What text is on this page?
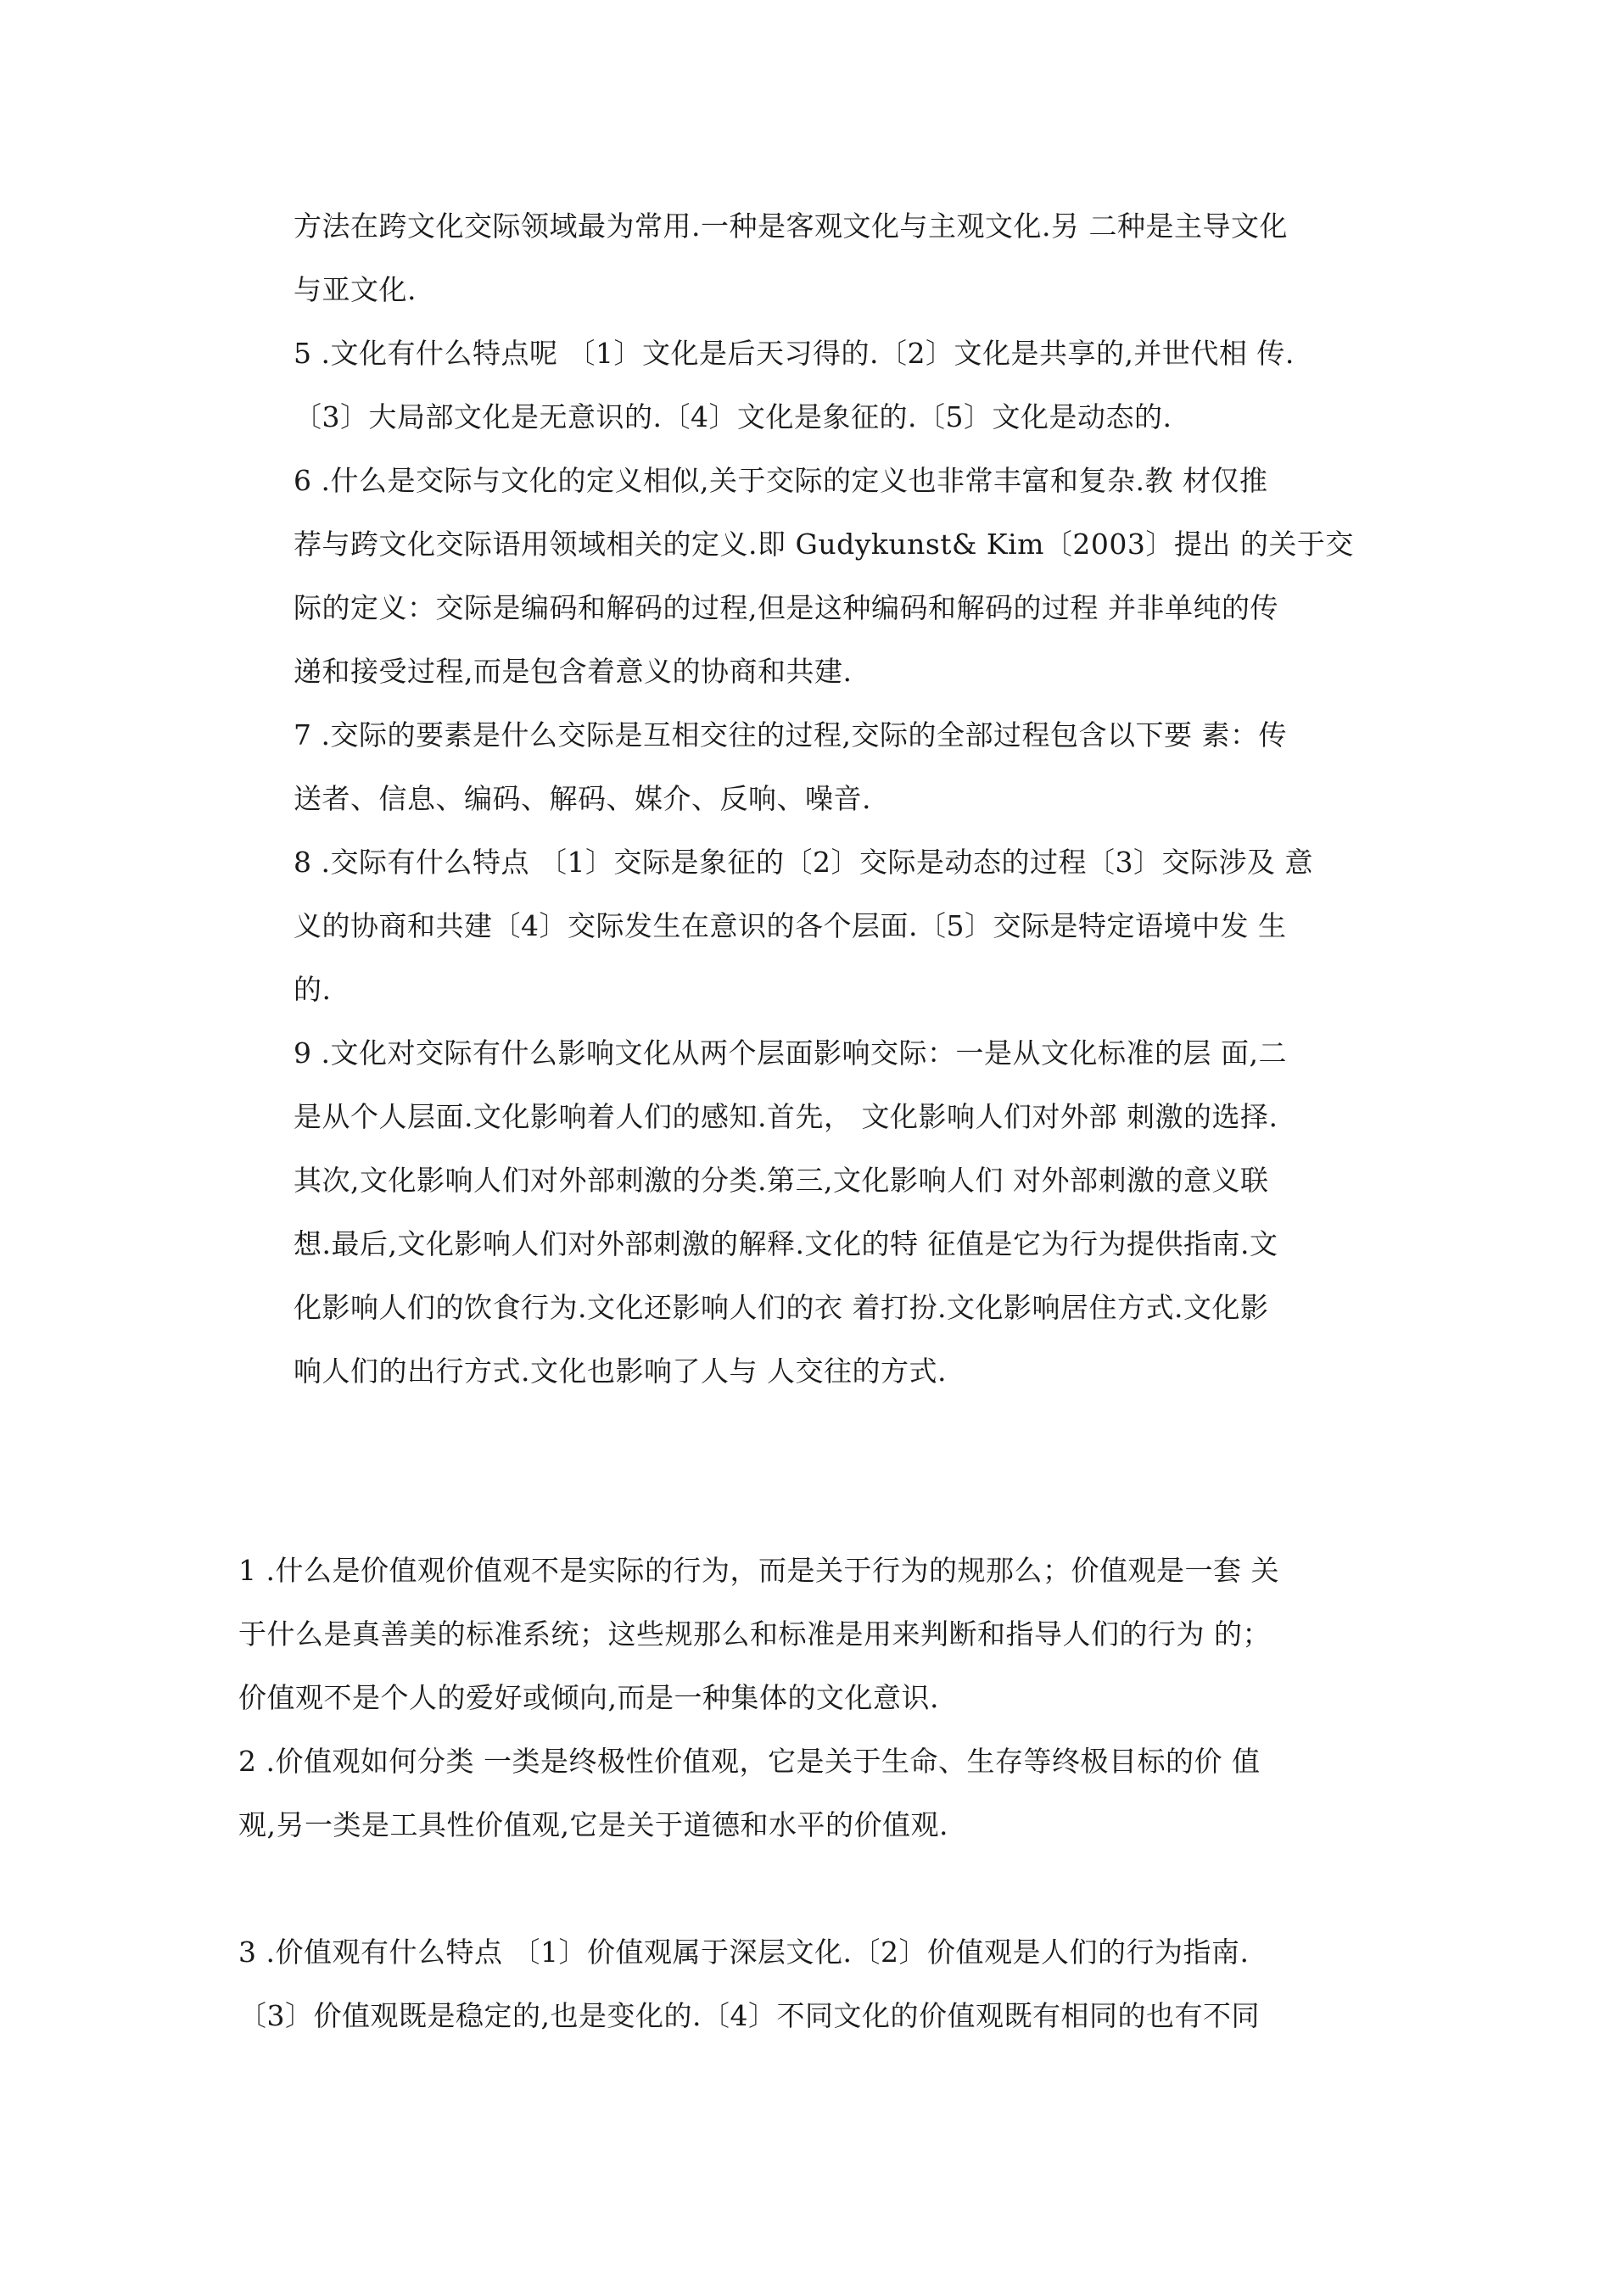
方法在跨文化交际领域最为常用.一种是客观文化与主观文化.另 二种是主导文化
与亚文化.
5 .文化有什么特点呢 〔1〕文化是后天习得的.〔2〕文化是共享的,并世代相 传.
〔3〕大局部文化是无意识的.〔4〕文化是象征的.〔5〕文化是动态的.
6 .什么是交际与文化的定义相似,关于交际的定义也非常丰富和复杂.教 材仅推
荐与跨文化交际语用领域相关的定义.即 Gudykunst& Kim〔2003〕提出 的关于交
际的定义：交际是编码和解码的过程,但是这种编码和解码的过程 并非单纯的传
递和接受过程,而是包含着意义的协商和共建.
7 .交际的要素是什么交际是互相交往的过程,交际的全部过程包含以下要 素：传
送者、信息、编码、解码、媒介、反响、噪音.
8 .交际有什么特点 〔1〕交际是象征的〔2〕交际是动态的过程〔3〕交际涉及 意
义的协商和共建〔4〕交际发生在意识的各个层面.〔5〕交际是特定语境中发 生
的.
9 .文化对交际有什么影响文化从两个层面影响交际：一是从文化标准的层 面,二
是从个人层面.文化影响着人们的感知.首先， 文化影响人们对外部 刺激的选择.
其次,文化影响人们对外部刺激的分类.第三,文化影响人们 对外部刺激的意义联
想.最后,文化影响人们对外部刺激的解释.文化的特 征值是它为行为提供指南.文
化影响人们的饮食行为.文化还影响人们的衣 着打扮.文化影响居住方式.文化影
响人们的出行方式.文化也影响了人与 人交往的方式.
1 .什么是价值观价值观不是实际的行为，而是关于行为的规那么；价值观是一套 关
于什么是真善美的标准系统；这些规那么和标准是用来判断和指导人们的行为 的；
价值观不是个人的爱好或倾向,而是一种集体的文化意识.
2 .价值观如何分类 一类是终极性价值观，它是关于生命、生存等终极目标的价 值
观,另一类是工具性价值观,它是关于道德和水平的价值观.
3 .价值观有什么特点 〔1〕价值观属于深层文化.〔2〕价值观是人们的行为指南.
〔3〕价值观既是稳定的,也是变化的.〔4〕不同文化的价值观既有相同的也有不同
